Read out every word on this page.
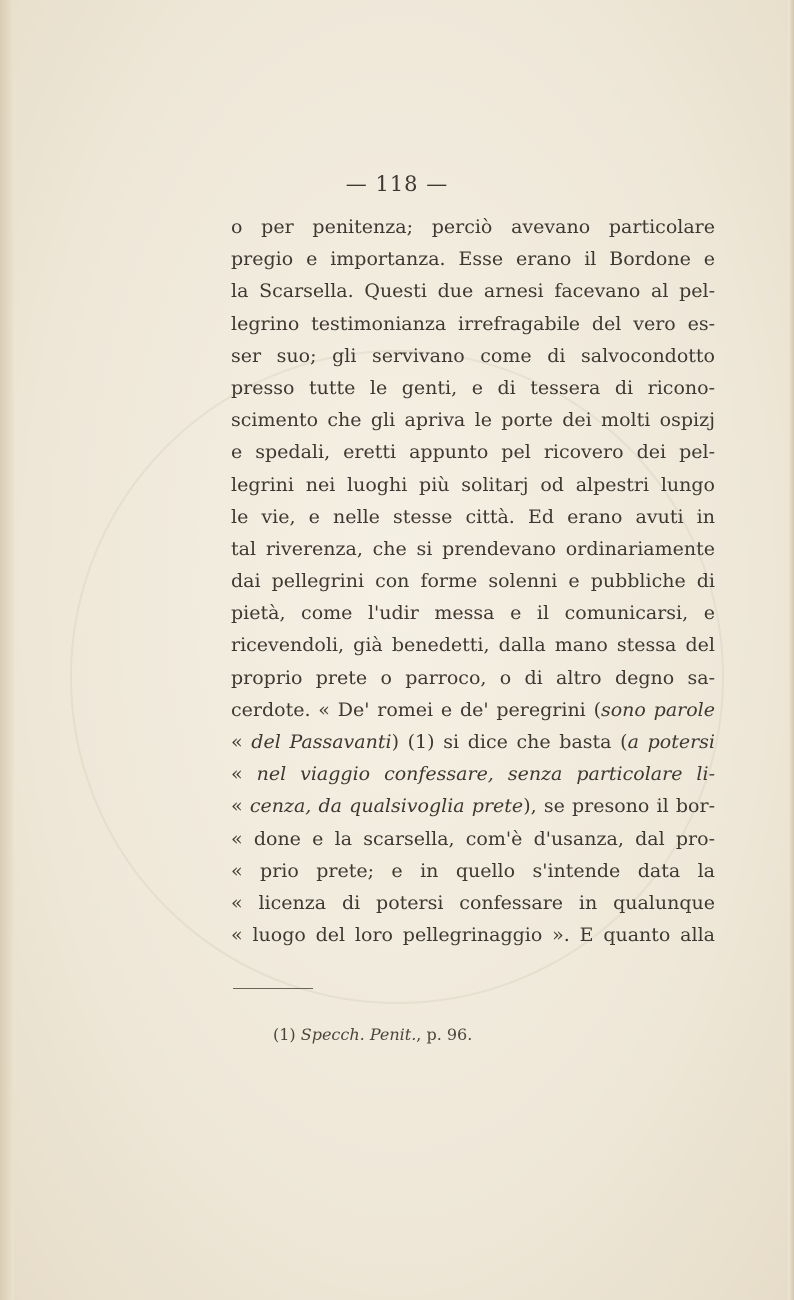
— 118 —
o per penitenza; perciò avevano particolare
pregio e importanza. Esse erano il Bordone e
la Scarsella. Questi due arnesi facevano al pel-
legrino testimonianza irrefragabile del vero es-
ser suo; gli servivano come di salvocondotto
presso tutte le genti, e di tessera di ricono-
scimento che gli apriva le porte dei molti ospizj
e spedali, eretti appunto pel ricovero dei pel-
legrini nei luoghi più solitarj od alpestri lungo
le vie, e nelle stesse città. Ed erano avuti in
tal riverenza, che si prendevano ordinariamente
dai pellegrini con forme solenni e pubbliche di
pietà, come l'udir messa e il comunicarsi, e
ricevendoli, già benedetti, dalla mano stessa del
proprio prete o parroco, o di altro degno sa-
cerdote. « De' romei e de' peregrini (sono parole
« del Passavanti) (1) si dice che basta (a potersi
« nel viaggio confessare, senza particolare li-
« cenza, da qualsivoglia prete), se presono il bor-
« done e la scarsella, com'è d'usanza, dal pro-
« prio prete; e in quello s'intende data la
« licenza di potersi confessare in qualunque
« luogo del loro pellegrinaggio ». E quanto alla
(1) Specch. Penit., p. 96.
